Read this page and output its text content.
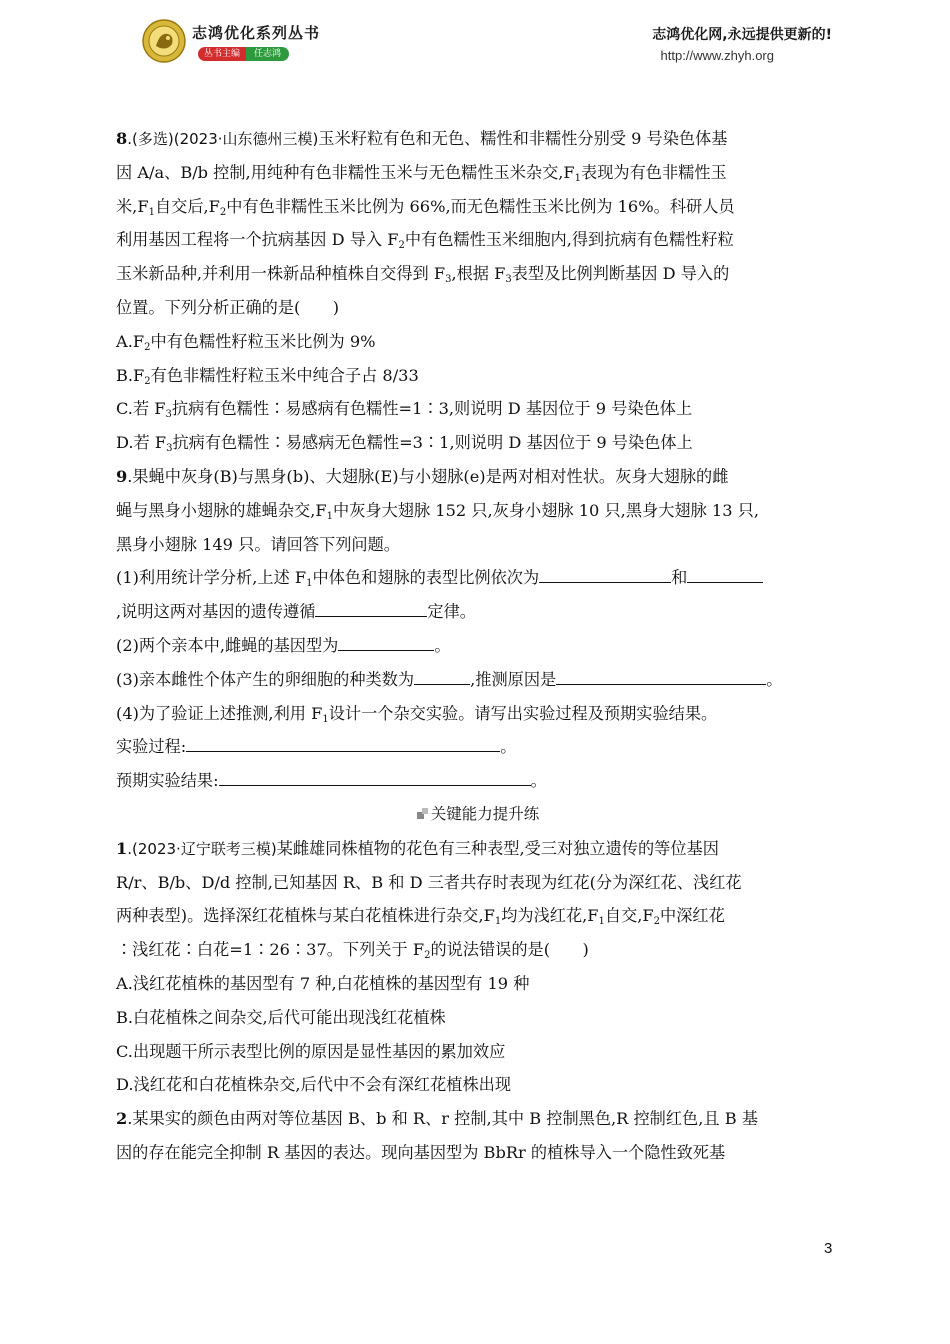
志鸿优化系列丛书
丛书主编	任志鸿
志鸿优化网,永远提供更新的!
http://www.zhyh.org
8.(多选)(2023·山东德州三模)玉米籽粒有色和无色、糯性和非糯性分别受 9 号染色体基
因 A/a、B/b 控制,用纯种有色非糯性玉米与无色糯性玉米杂交$,F_1$表现为有色非糯性玉
米$,F_1$自交后$,F_2$中有色非糯性玉米比例为 66%,而无色糯性玉米比例为 16%。科研人员
利用基因工程将一个抗病基因 D 导入 $F_2$中有色糯性玉米细胞内,得到抗病有色糯性籽粒
玉米新品种,并利用一株新品种植株自交得到 $F_3$,根据 $F_3$表型及比例判断基因 D 导入的
位置。下列分析正确的是(　　)
$A.F_2$中有色糯性籽粒玉米比例为 9%
$B.F_2$有色非糯性籽粒玉米中纯合子占 8/33
C.若 $F_3$抗病有色糯性∶易感病有色糯性=1∶3,则说明 D 基因位于 9 号染色体上
D.若 $F_3$抗病有色糯性∶易感病无色糯性=3∶1,则说明 D 基因位于 9 号染色体上
9.果蝇中灰身(B)与黑身(b)、大翅脉(E)与小翅脉(e)是两对相对性状。灰身大翅脉的雌
蝇与黑身小翅脉的雄蝇杂交$,F_1$中灰身大翅脉 152 只,灰身小翅脉 10 只,黑身大翅脉 13 只,
黑身小翅脉 149 只。请回答下列问题。
(1)利用统计学分析,上述 $F_1$中体色和翅脉的表型比例依次为	和
,说明这两对基因的遗传遵循	定律。
(2)两个亲本中,雌蝇的基因型为	。
(3)亲本雌性个体产生的卵细胞的种类数为	,推测原因是	。
(4)为了验证上述推测,利用 $F_1$设计一个杂交实验。请写出实验过程及预期实验结果。
实验过程:	。
预期实验结果:	。
关键能力提升练
1.(2023·辽宁联考三模)某雌雄同株植物的花色有三种表型,受三对独立遗传的等位基因
R/r、B/b、D/d 控制,已知基因 R、B 和 D 三者共存时表现为红花(分为深红花、浅红花
两种表型)。选择深红花植株与某白花植株进行杂交$,F_1$均为浅红花$,F_1$自交$,F_2$中深红花
∶浅红花∶白花=1∶26∶37。下列关于 $F_2$的说法错误的是(　　)
A.浅红花植株的基因型有 7 种,白花植株的基因型有 19 种
B.白花植株之间杂交,后代可能出现浅红花植株
C.出现题干所示表型比例的原因是显性基因的累加效应
D.浅红花和白花植株杂交,后代中不会有深红花植株出现
2.某果实的颜色由两对等位基因 B、b 和 R、r 控制,其中 B 控制黑色,R 控制红色,且 B 基
因的存在能完全抑制 R 基因的表达。现向基因型为 BbRr 的植株导入一个隐性致死基
3
